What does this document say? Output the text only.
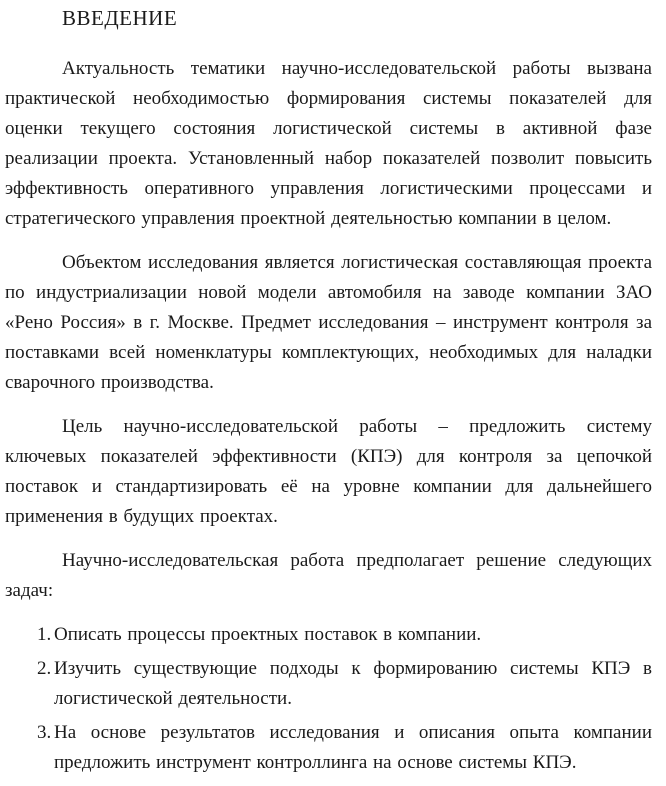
ВВЕДЕНИЕ

Актуальность тематики научно-исследовательской работы вызвана практической необходимостью формирования системы показателей для оценки текущего состояния логистической системы в активной фазе реализации проекта. Установленный набор показателей позволит повысить эффективность оперативного управления логистическими процессами и стратегического управления проектной деятельностью компании в целом.

Объектом исследования является логистическая составляющая проекта по индустриализации новой модели автомобиля на заводе компании ЗАО «Рено Россия» в г. Москве. Предмет исследования – инструмент контроля за поставками всей номенклатуры комплектующих, необходимых для наладки сварочного производства.

Цель научно-исследовательской работы – предложить систему ключевых показателей эффективности (КПЭ) для контроля за цепочкой поставок и стандартизировать её на уровне компании для дальнейшего применения в будущих проектах.

Научно-исследовательская работа предполагает решение следующих задач:

1. Описать процессы проектных поставок в компании.
2. Изучить существующие подходы к формированию системы КПЭ в логистической деятельности.
3. На основе результатов исследования и описания опыта компании предложить инструмент контроллинга на основе системы КПЭ.
